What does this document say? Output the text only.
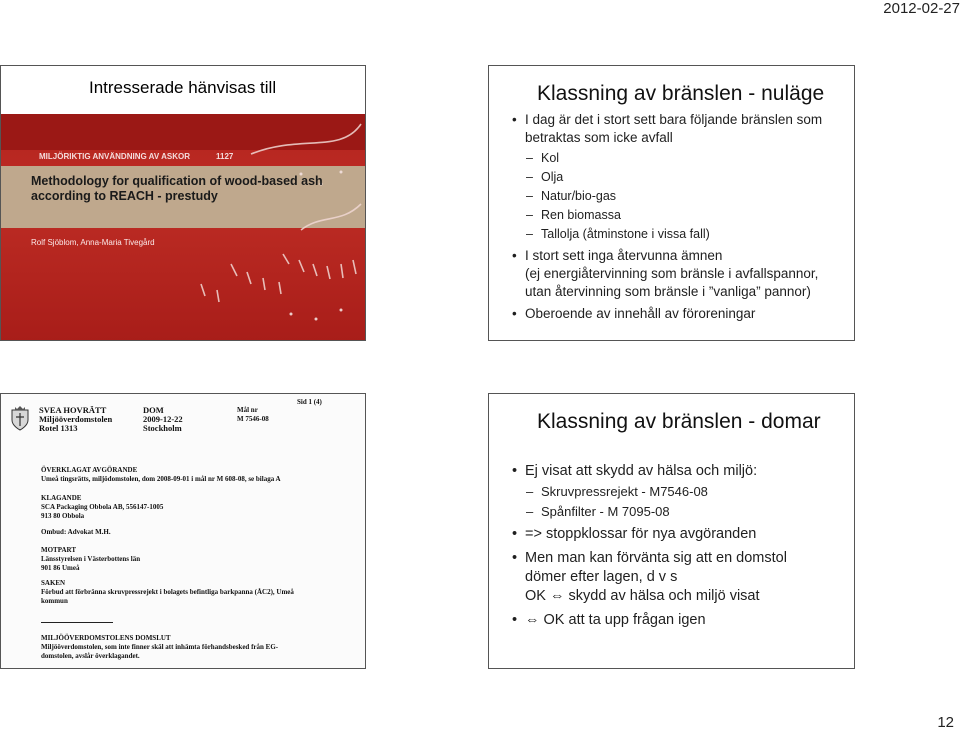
2012-02-27
Intresserade hänvisas till
MILJÖRIKTIG ANVÄNDNING AV ASKOR	1127
Methodology for qualification of wood-based ash
according to REACH - prestudy
Rolf Sjöblom, Anna-Maria Tivegård
Klassning av bränslen - nuläge
• I dag är det i stort sett bara följande bränslen som
betraktas som icke avfall
– Kol
– Olja
– Natur/bio-gas
– Ren biomassa
– Tallolja (åtminstone i vissa fall)
• I stort sett inga återvunna ämnen
(ej energiåtervinning som bränsle i avfallspannor,
utan återvinning som bränsle i ”vanliga” pannor)
• Oberoende av innehåll av föroreningar
Sid 1 (4)
SVEA HOVRÄTT
Miljööverdomstolen
Rotel 1313
DOM
2009-12-22
Stockholm
Mål nr
M 7546-08
ÖVERKLAGAT AVGÖRANDE
Umeå tingsrätts, miljödomstolen, dom 2008-09-01 i mål nr M 608-08, se bilaga A
KLAGANDE
SCA Packaging Obbola AB, 556147-1005
913 80 Obbola
Ombud: Advokat M.H.
MOTPART
Länsstyrelsen i Västerbottens län
901 86 Umeå
SAKEN
Förbud att förbränna skruvpressrejekt i bolagets befintliga barkpanna (ÅC2), Umeå
kommun
MILJÖÖVERDOMSTOLENS DOMSLUT
Miljööverdomstolen, som inte finner skäl att inhämta förhandsbesked från EG-
domstolen, avslår överklagandet.
Klassning av bränslen - domar
• Ej visat att skydd av hälsa och miljö:
– Skruvpressrejekt - M7546-08
– Spånfilter - M 7095-08
• => stoppklossar för nya avgöranden
• Men man kan förvänta sig att en domstol
dömer efter lagen, d v s
OK ⇔ skydd av hälsa och miljö visat
• ⇔ OK att ta upp frågan igen
12
